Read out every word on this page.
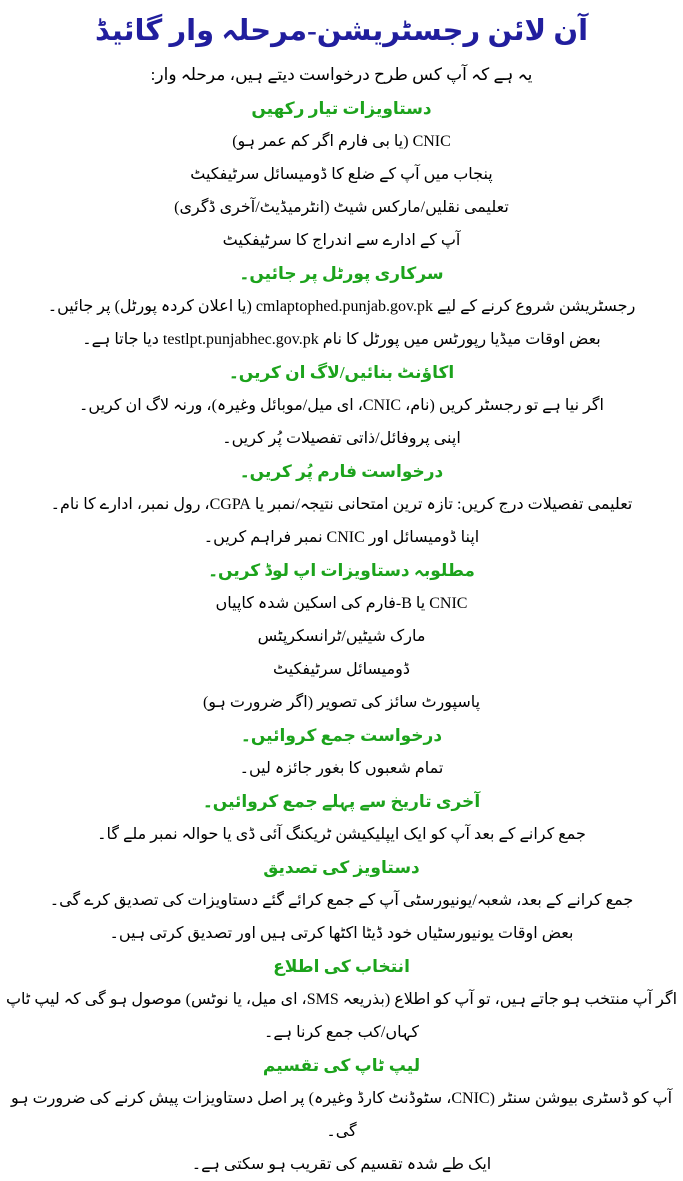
آن لائن رجسٹریشن-مرحلہ وار گائیڈ

یہ ہے کہ آپ کس طرح درخواست دیتے ہیں، مرحلہ وار:

دستاویزات تیار رکھیں

CNIC (یا بی فارم اگر کم عمر ہو)

پنجاب میں آپ کے ضلع کا ڈومیسائل سرٹیفکیٹ

تعلیمی نقلیں/مارکس شیٹ (انٹرمیڈیٹ/آخری ڈگری)

آپ کے ادارے سے اندراج کا سرٹیفکیٹ

سرکاری پورٹل پر جائیں۔

رجسٹریشن شروع کرنے کے لیے cmlaptophed.punjab.gov.pk (یا اعلان کردہ پورٹل) پر جائیں۔

بعض اوقات میڈیا رپورٹس میں پورٹل کا نام testlpt.punjabhec.gov.pk دیا جاتا ہے۔

اکاؤنٹ بنائیں/لاگ ان کریں۔

اگر نیا ہے تو رجسٹر کریں (نام، CNIC، ای میل/موبائل وغیرہ)، ورنہ لاگ ان کریں۔

اپنی پروفائل/ذاتی تفصیلات پُر کریں۔

درخواست فارم پُر کریں۔

تعلیمی تفصیلات درج کریں: تازہ ترین امتحانی نتیجہ/نمبر یا CGPA، رول نمبر، ادارے کا نام۔

اپنا ڈومیسائل اور CNIC نمبر فراہم کریں۔

مطلوبہ دستاویزات اپ لوڈ کریں۔

CNIC یا B-فارم کی اسکین شدہ کاپیاں

مارک شیٹیں/ٹرانسکرپٹس

ڈومیسائل سرٹیفکیٹ

پاسپورٹ سائز کی تصویر (اگر ضرورت ہو)

درخواست جمع کروائیں۔

تمام شعبوں کا بغور جائزہ لیں۔

آخری تاریخ سے پہلے جمع کروائیں۔

جمع کرانے کے بعد آپ کو ایک ایپلیکیشن ٹریکنگ آئی ڈی یا حوالہ نمبر ملے گا۔

دستاویز کی تصدیق

جمع کرانے کے بعد، شعبہ/یونیورسٹی آپ کے جمع کرائے گئے دستاویزات کی تصدیق کرے گی۔

بعض اوقات یونیورسٹیاں خود ڈیٹا اکٹھا کرتی ہیں اور تصدیق کرتی ہیں۔

انتخاب کی اطلاع

اگر آپ منتخب ہو جاتے ہیں، تو آپ کو اطلاع (بذریعہ SMS، ای میل، یا نوٹس) موصول ہو گی کہ لیپ ٹاپ کہاں/کب جمع کرنا ہے۔

لیپ ٹاپ کی تقسیم

آپ کو ڈسٹری بیوشن سنٹر (CNIC، سٹوڈنٹ کارڈ وغیرہ) پر اصل دستاویزات پیش کرنے کی ضرورت ہو گی۔

ایک طے شدہ تقسیم کی تقریب ہو سکتی ہے۔
